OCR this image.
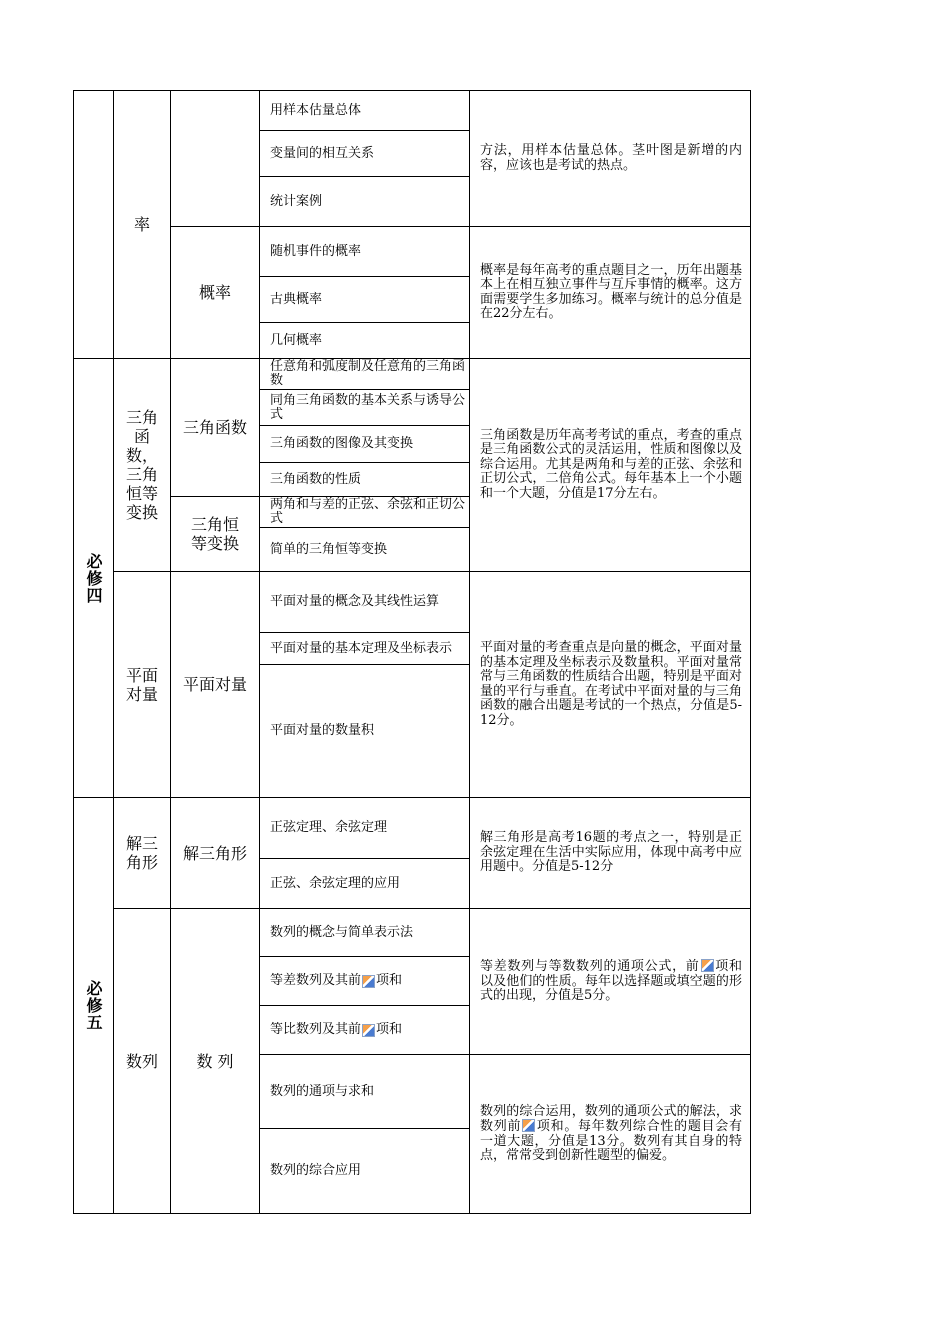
必修四
必修五
率
三角函数，三角恒等变换
平面对量
解三角形
数列
概率
三角函数
三角恒等变换
平面对量
解三角形
数 列
用样本估量总体
变量间的相互关系
统计案例
随机事件的概率
古典概率
几何概率
任意角和弧度制及任意角的三角函数
同角三角函数的基本关系与诱导公式
三角函数的图像及其变换
三角函数的性质
两角和与差的正弦、余弦和正切公式
简单的三角恒等变换
平面对量的概念及其线性运算
平面对量的基本定理及坐标表示
平面对量的数量积
正弦定理、余弦定理
正弦、余弦定理的应用
数列的概念与简单表示法
等差数列及其前 项和
等比数列及其前 项和
数列的通项与求和
数列的综合应用
方法，用样本估量总体。茎叶图是新增的内容，应该也是考试的热点。
概率是每年高考的重点题目之一，历年出题基本上在相互独立事件与互斥事情的概率。这方面需要学生多加练习。概率与统计的总分值是在22分左右。
三角函数是历年高考考试的重点，考查的重点是三角函数公式的灵活运用，性质和图像以及综合运用。尤其是两角和与差的正弦、余弦和正切公式，二倍角公式。每年基本上一个小题和一个大题，分值是17分左右。
平面对量的考查重点是向量的概念，平面对量的基本定理及坐标表示及数量积。平面对量常常与三角函数的性质结合出题，特别是平面对量的平行与垂直。在考试中平面对量的与三角函数的融合出题是考试的一个热点，分值是5-12分。
解三角形是高考16题的考点之一，特别是正余弦定理在生活中实际应用，体现中高考中应用题中。分值是5-12分
等差数列与等数数列的通项公式，前 项和以及他们的性质。每年以选择题或填空题的形式的出现，分值是5分。
数列的综合运用，数列的通项公式的解法，求数列前 项和。每年数列综合性的题目会有一道大题，分值是13分。数列有其自身的特点，常常受到创新性题型的偏爱。
